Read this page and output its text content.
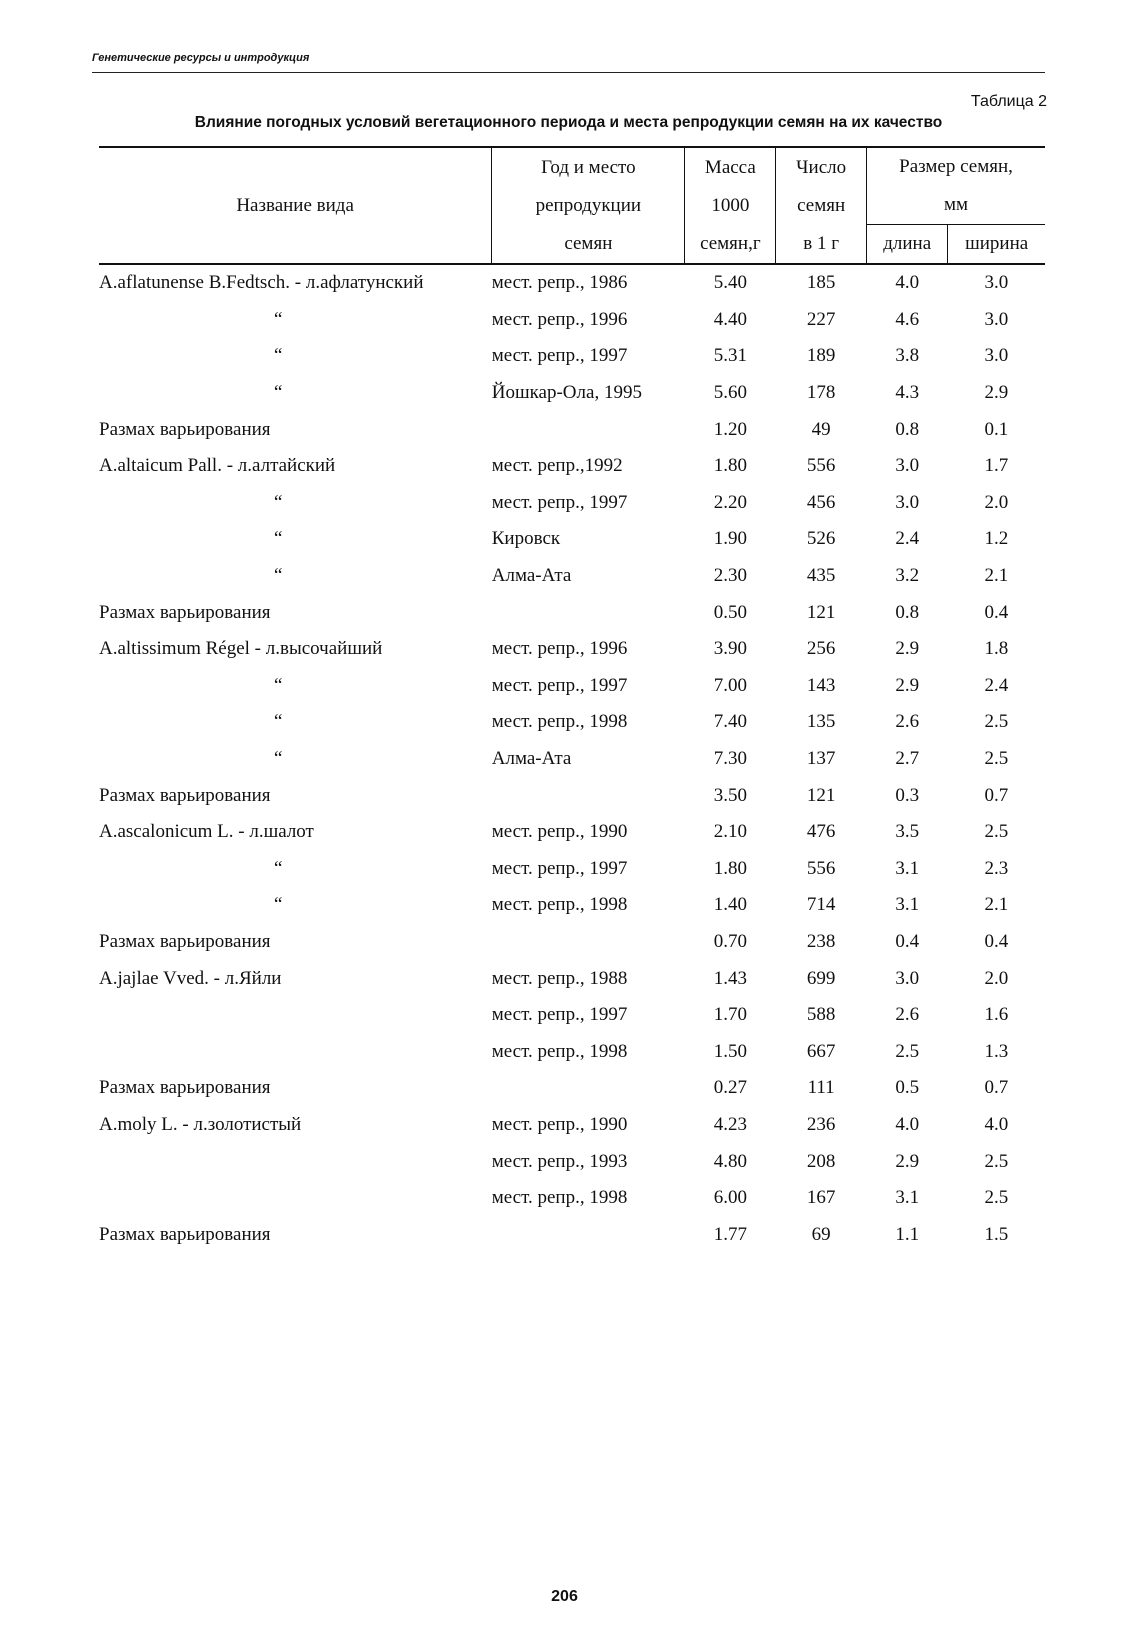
Генетические ресурсы и интродукция
Таблица 2
Влияние погодных условий вегетационного периода и места репродукции семян на их качество
Название вида	Год и место
репродукции
семян	Масса
1000
семян,г	Число
семян
в 1 г	Размер семян,
мм	

				длина	ширина
A.aflatunense B.Fedtsch. - л.афлатунский	мест. репр., 1986	5.40	185	4.0	3.0
“	мест. репр., 1996	4.40	227	4.6	3.0
“	мест. репр., 1997	5.31	189	3.8	3.0
“	Йошкар-Ола, 1995	5.60	178	4.3	2.9
Размах варьирования		1.20	49	0.8	0.1
A.altaicum Pall. - л.алтайский	мест. репр.,1992	1.80	556	3.0	1.7
“	мест. репр., 1997	2.20	456	3.0	2.0
“	Кировск	1.90	526	2.4	1.2
“	Алма-Ата	2.30	435	3.2	2.1
Размах варьирования		0.50	121	0.8	0.4
A.altissimum Régel - л.высочайший	мест. репр., 1996	3.90	256	2.9	1.8
“	мест. репр., 1997	7.00	143	2.9	2.4
“	мест. репр., 1998	7.40	135	2.6	2.5
“	Алма-Ата	7.30	137	2.7	2.5
Размах варьирования		3.50	121	0.3	0.7
A.ascalonicum L. - л.шалот	мест. репр., 1990	2.10	476	3.5	2.5
“	мест. репр., 1997	1.80	556	3.1	2.3
“	мест. репр., 1998	1.40	714	3.1	2.1
Размах варьирования		0.70	238	0.4	0.4
A.jajlae Vved. - л.Яйли	мест. репр., 1988	1.43	699	3.0	2.0
	мест. репр., 1997	1.70	588	2.6	1.6
	мест. репр., 1998	1.50	667	2.5	1.3
Размах варьирования		0.27	111	0.5	0.7
A.moly L. - л.золотистый	мест. репр., 1990	4.23	236	4.0	4.0
	мест. репр., 1993	4.80	208	2.9	2.5
	мест. репр., 1998	6.00	167	3.1	2.5
Размах варьирования		1.77	69	1.1	1.5
206
